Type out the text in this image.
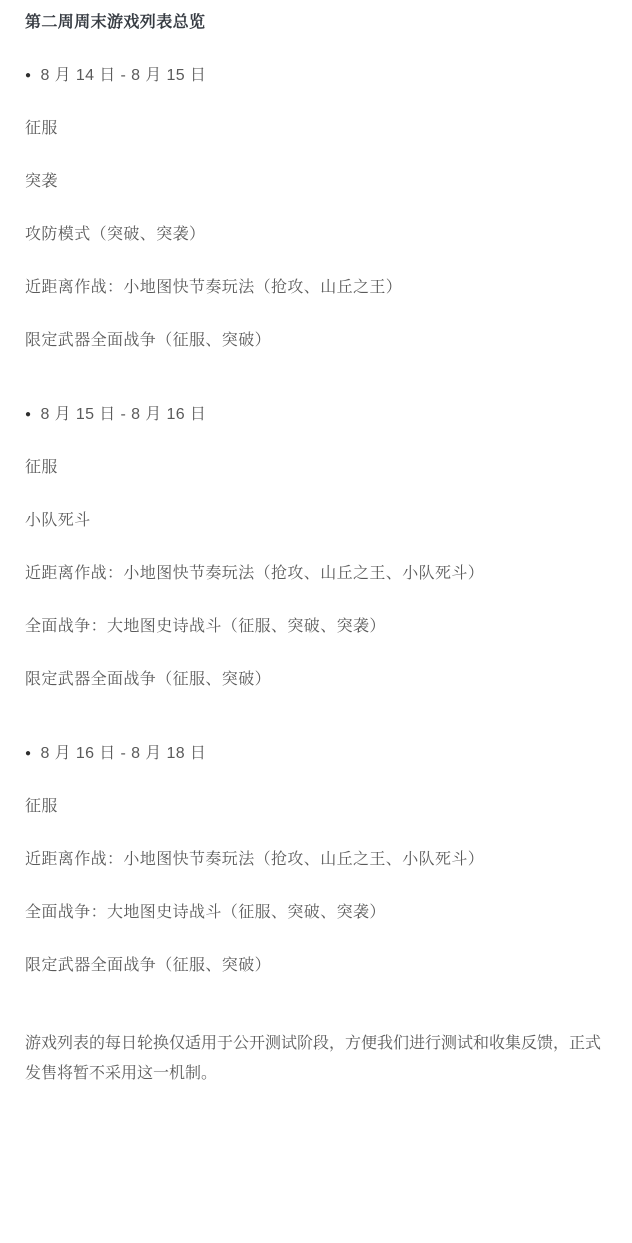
第二周周末游戏列表总览

● 8 月 14 日 - 8 月 15 日

征服

突袭

攻防模式（突破、突袭）

近距离作战：小地图快节奏玩法（抢攻、山丘之王）

限定武器全面战争（征服、突破）

● 8 月 15 日 - 8 月 16 日

征服

小队死斗

近距离作战：小地图快节奏玩法（抢攻、山丘之王、小队死斗）

全面战争：大地图史诗战斗（征服、突破、突袭）

限定武器全面战争（征服、突破）

● 8 月 16 日 - 8 月 18 日

征服

近距离作战：小地图快节奏玩法（抢攻、山丘之王、小队死斗）

全面战争：大地图史诗战斗（征服、突破、突袭）

限定武器全面战争（征服、突破）

游戏列表的每日轮换仅适用于公开测试阶段，方便我们进行测试和收集反馈，正式发售将暂不采用这一机制。
